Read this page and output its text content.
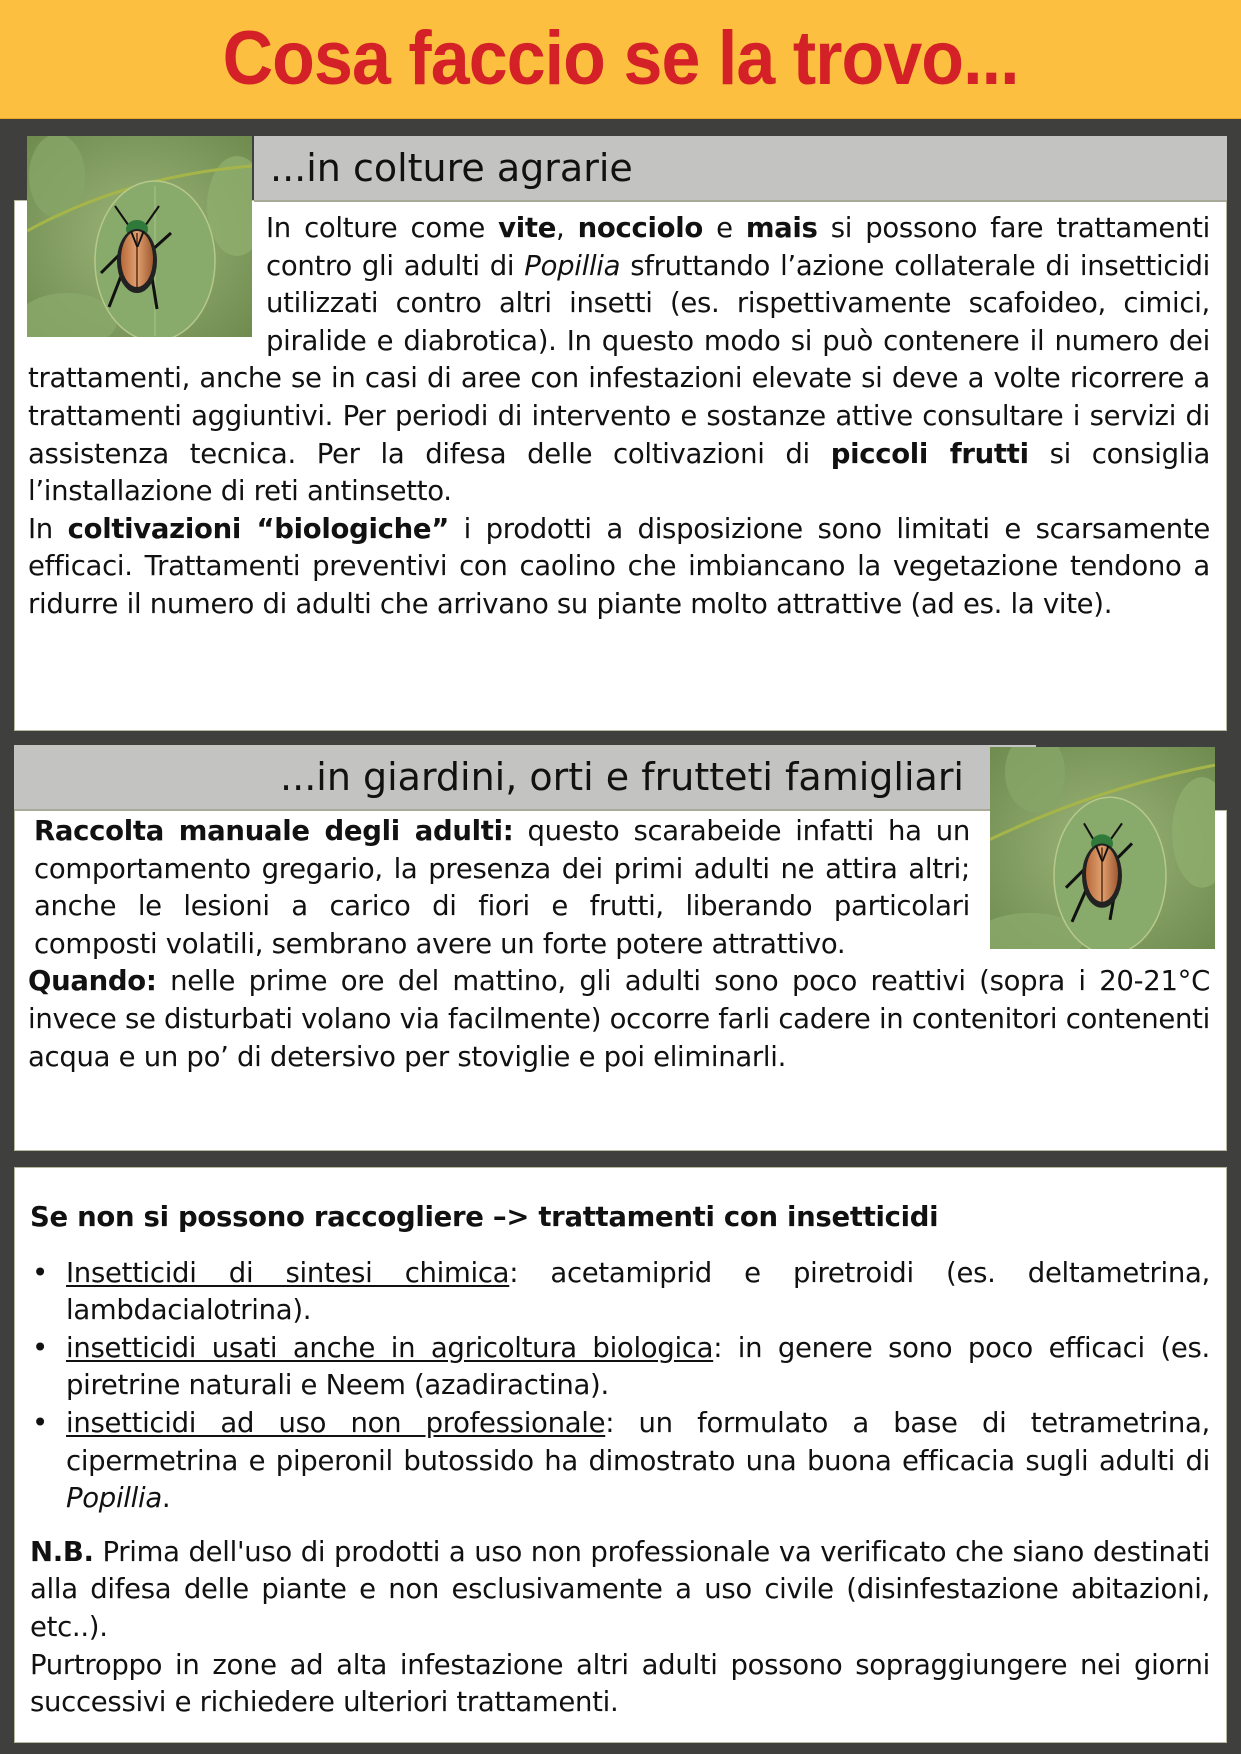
Cosa faccio se la trovo...
...in colture agrarie
V	In colture come vite, nocciolo e mais si possono fare trattamenti contro gli adulti di Popillia sfruttando l’azione collaterale di insetticidi utilizzati contro altri insetti (es. rispettivamente scafoideo, cimici, piralide e diabrotica). In questo modo si può contenere il numero dei trattamenti, anche se in casi di aree con infestazioni elevate si deve a volte ricorrere a trattamenti aggiuntivi. Per periodi di intervento e sostanze attive consultare i servizi di assistenza tecnica. Per la difesa delle coltivazioni di piccoli frutti si consiglia l’installazione di reti antinsetto.

In coltivazioni “biologiche” i prodotti a disposizione sono limitati e scarsamente efficaci. Trattamenti preventivi con caolino che imbiancano la vegetazione tendono a ridurre il numero di adulti che arrivano su piante molto attrattive (ad es. la vite).

...in giardini, orti e frutteti famigliari
V

Raccolta manuale degli adulti: questo scarabeide infatti ha un comportamento gregario, la presenza dei primi adulti ne attira altri; anche le lesioni a carico di fiori e frutti, liberando particolari composti volatili, sembrano avere un forte potere attrattivo.

Quando: nelle prime ore del mattino, gli adulti sono poco reattivi (sopra i 20-21°C invece se disturbati volano via facilmente) occorre farli cadere in contenitori contenenti acqua e un po’ di detersivo per stoviglie e poi eliminarli.

Se non si possono raccogliere –> trattamenti con insetticidi

• Insetticidi di sintesi chimica: acetamiprid e piretroidi (es. deltametrina, lambdacialotrina).
• insetticidi usati anche in agricoltura biologica: in genere sono poco efficaci (es. piretrine naturali e Neem (azadiractina).
• insetticidi ad uso non professionale: un formulato a base di tetrametrina, cipermetrina e piperonil butossido ha dimostrato una buona efficacia sugli adulti di Popillia.

N.B. Prima dell'uso di prodotti a uso non professionale va verificato che siano destinati alla difesa delle piante e non esclusivamente a uso civile (disinfestazione abitazioni, etc..).

Purtroppo in zone ad alta infestazione altri adulti possono sopraggiungere nei giorni successivi e richiedere ulteriori trattamenti.
